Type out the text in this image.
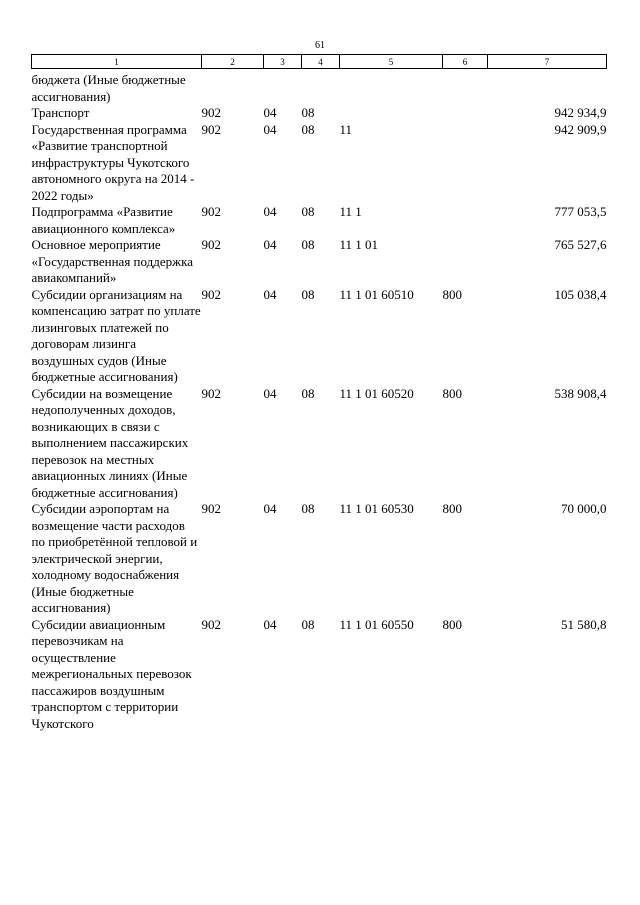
61
1	2	3	4	5	6	7
бюджета (Иные бюджетные ассигнования)						
Транспорт	902	04	08			942 934,9
Государственная программа «Развитие транспортной инфраструктуры Чукотского автономного округа на 2014 - 2022 годы»	902	04	08	11		942 909,9
Подпрограмма «Развитие авиационного комплекса»	902	04	08	11 1		777 053,5
Основное мероприятие «Государственная поддержка авиакомпаний»	902	04	08	11 1 01		765 527,6
Субсидии организациям на компенсацию затрат по уплате лизинговых платежей по договорам лизинга воздушных судов (Иные бюджетные ассигнования)	902	04	08	11 1 01 60510	800	105 038,4
Субсидии на возмещение недополученных доходов, возникающих в связи с выполнением пассажирских перевозок на местных авиационных линиях (Иные бюджетные ассигнования)	902	04	08	11 1 01 60520	800	538 908,4
Субсидии аэропортам на возмещение части расходов по приобретённой тепловой и электрической энергии, холодному водоснабжения (Иные бюджетные ассигнования)	902	04	08	11 1 01 60530	800	70 000,0
Субсидии авиационным перевозчикам на осуществление межрегиональных перевозок пассажиров воздушным транспортом с территории Чукотского	902	04	08	11 1 01 60550	800	51 580,8
